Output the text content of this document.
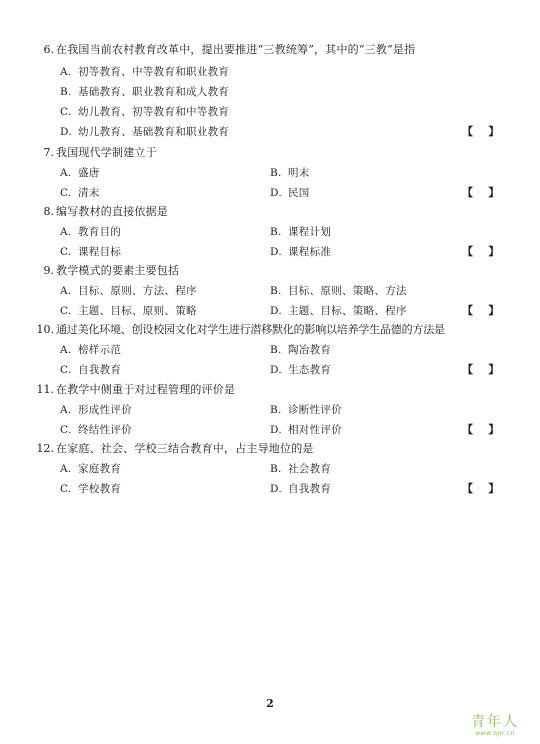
6. 在我国当前农村教育改革中，提出要推进“三教统筹”，其中的“三教”是指
A. 初等教育、中等教育和职业教育
B. 基础教育、职业教育和成人教育
C. 幼儿教育、初等教育和中等教育
D. 幼儿教育、基础教育和职业教育	【    】
7. 我国现代学制建立于
A. 盛唐	B. 明末
C. 清末	D. 民国	【    】
8. 编写教材的直接依据是
A. 教育目的	B. 课程计划
C. 课程目标	D. 课程标准	【    】
9. 教学模式的要素主要包括
A. 目标、原则、方法、程序	B. 目标、原则、策略、方法
C. 主题、目标、原则、策略	D. 主题、目标、策略、程序	【    】
10. 通过美化环境、创设校园文化对学生进行潜移默化的影响以培养学生品德的方法是
A. 榜样示范	B. 陶冶教育
C. 自我教育	D. 生态教育	【    】
11. 在教学中侧重于对过程管理的评价是
A. 形成性评价	B. 诊断性评价
C. 终结性评价	D. 相对性评价	【    】
12. 在家庭、社会、学校三结合教育中，占主导地位的是
A. 家庭教育	B. 社会教育
C. 学校教育	D. 自我教育	【    】
2
青年人
www.qnr.cn
